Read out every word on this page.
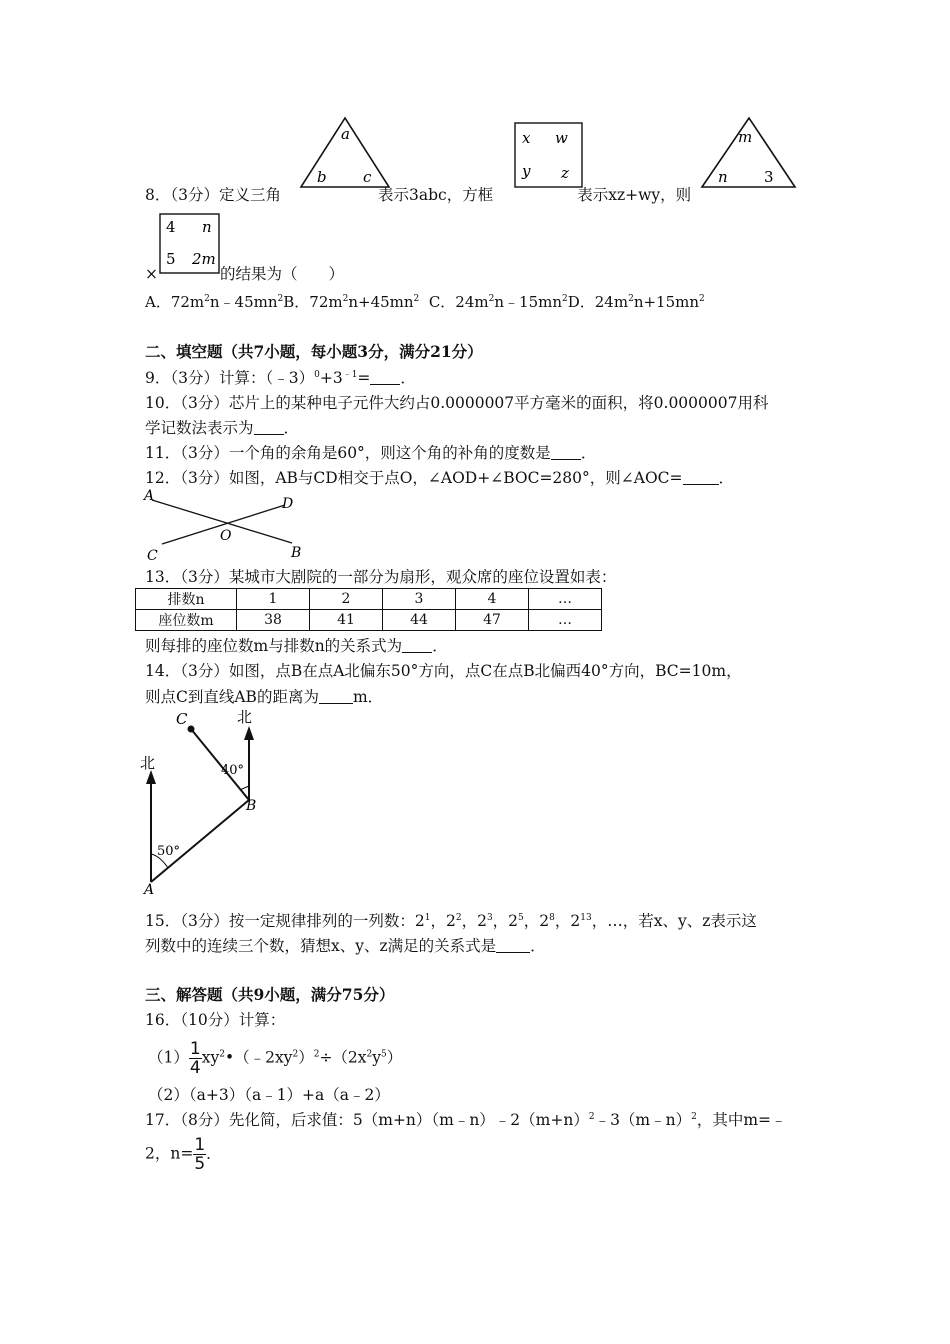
a
b c
x w
y z
m
n 3
8．（3分）定义三角	表示3abc，方框	表示xz+wy，则
4 n
5 2m
×	的结果为（　　）
A．$72m^2n﹣45mn^2B$．$72m^2n+45mn^2$ C．$24m^2n﹣15mn^2D$．$24m^2n+15mn^2$
二、填空题（共7小题，每小题3分，满分21分）
9．（3分）计算：$(﹣3)^0+3^{﹣1}=$ ．
10．（3分）芯片上的某种电子元件大约占0.0000007平方毫米的面积，将0.0000007用科
学记数法表示为 ．
11．（3分）一个角的余角是60°，则这个角的补角的度数是 ．
12．（3分）如图，AB与CD相交于点O，∠AOD+∠BOC=280°，则∠AOC= ．
A	D
O
C	B
13．（3分）某城市大剧院的一部分为扇形，观众席的座位设置如表：
排数n	1	2	3	4	…
座位数m	38	41	44	47	…
则每排的座位数m与排数n的关系式为 ．
14．（3分）如图，点B在点A北偏东50°方向，点C在点B北偏西40°方向，BC=10m，
则点C到直线AB的距离为 m．
C	北
北	40°
B
50°
A
15．（3分）按一定规律排列的一列数：$2^1$，$2^2$，$2^3$，$2^5$，$2^8$，$2^{13}$，…，若x、y、z表示这
列数中的连续三个数，猜想x、y、z满足的关系式是 ．
三、解答题（共9小题，满分75分）
16．（10分）计算：
$(1) \frac{1}{4}$ $xy^2•(﹣2xy^2)^2\div(2x^2y^5)$
（2）（a+3）（a﹣1）+a（a﹣2）
17．（8分）先化简，后求值：$5(m+n)(m﹣n)﹣2(m+n)^2﹣3(m﹣n)^2$，其中m=﹣
2，$n= \frac{1}{5}$ ．
